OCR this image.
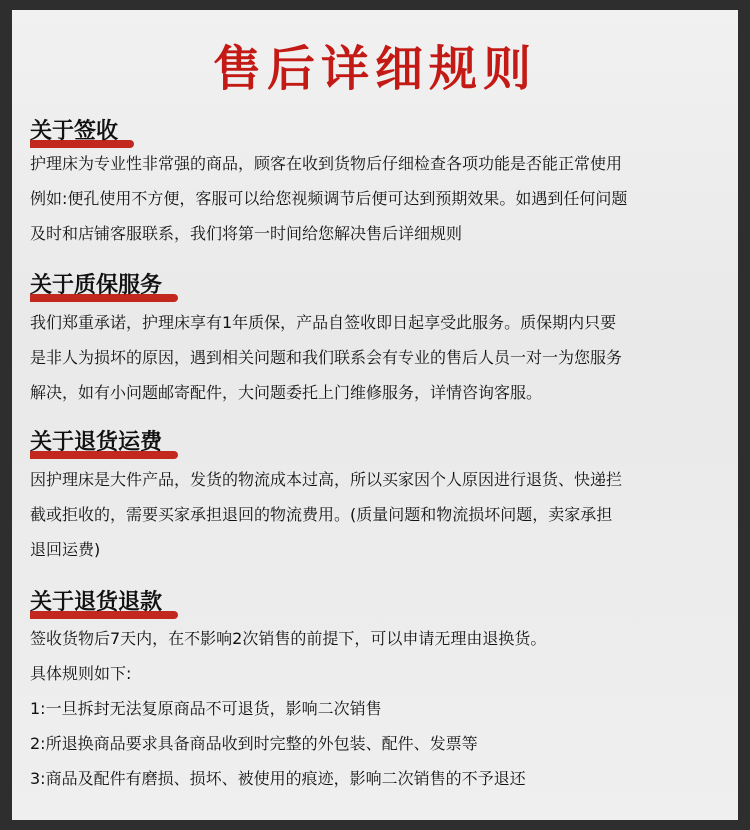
售后详细规则
关于签收
护理床为专业性非常强的商品，顾客在收到货物后仔细检查各项功能是否能正常使用
例如:便孔使用不方便，客服可以给您视频调节后便可达到预期效果。如遇到任何问题
及时和店铺客服联系，我们将第一时间给您解决售后详细规则
关于质保服务
我们郑重承诺，护理床享有1年质保，产品自签收即日起享受此服务。质保期内只要
是非人为损坏的原因，遇到相关问题和我们联系会有专业的售后人员一对一为您服务
解决，如有小问题邮寄配件，大问题委托上门维修服务，详情咨询客服。
关于退货运费
因护理床是大件产品，发货的物流成本过高，所以买家因个人原因进行退货、快递拦
截或拒收的，需要买家承担退回的物流费用。(质量问题和物流损坏问题，卖家承担
退回运费)
关于退货退款
签收货物后7天内，在不影响2次销售的前提下，可以申请无理由退换货。
具体规则如下:
1:一旦拆封无法复原商品不可退货，影响二次销售
2:所退换商品要求具备商品收到时完整的外包装、配件、发票等
3:商品及配件有磨损、损坏、被使用的痕迹，影响二次销售的不予退还
